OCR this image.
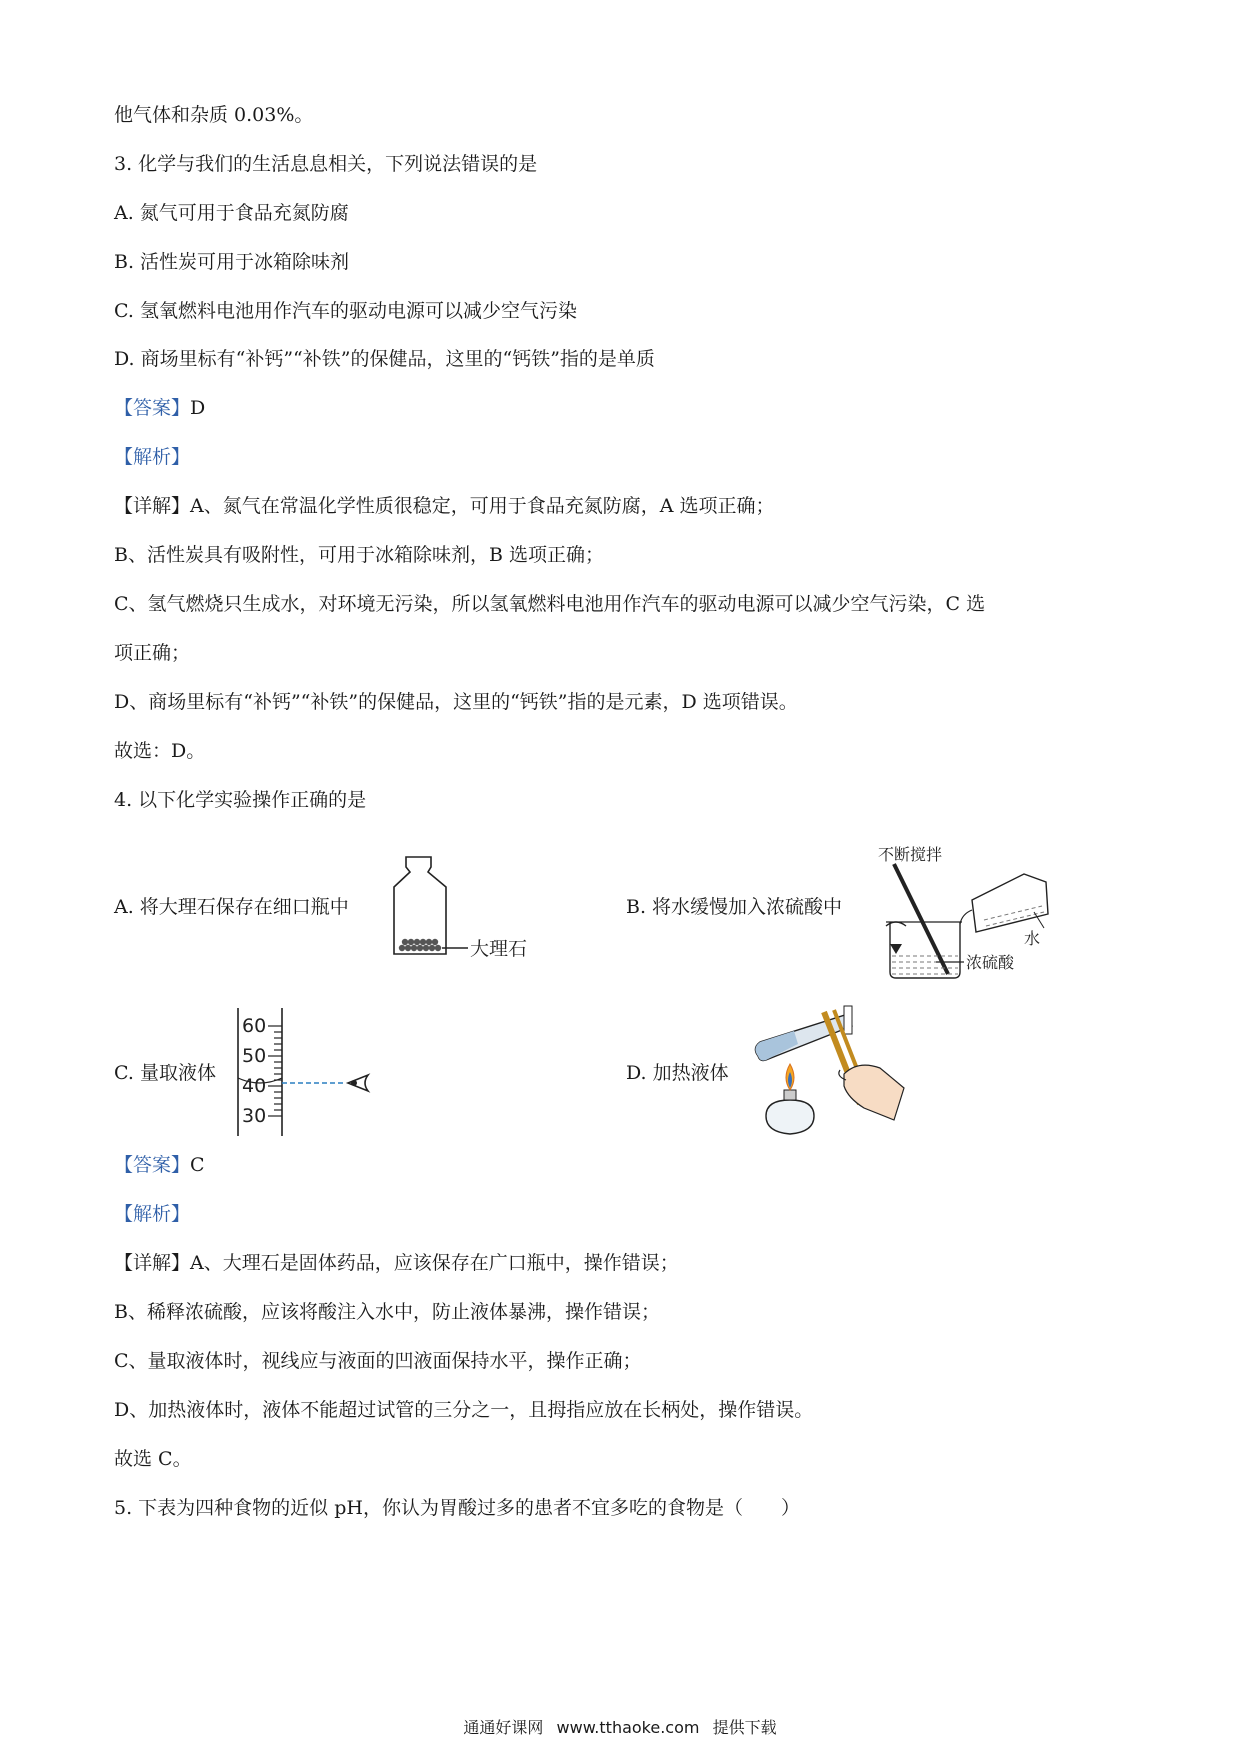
他气体和杂质 0.03%。
3. 化学与我们的生活息息相关，下列说法错误的是
A. 氮气可用于食品充氮防腐
B. 活性炭可用于冰箱除味剂
C. 氢氧燃料电池用作汽车的驱动电源可以减少空气污染
D. 商场里标有“补钙”“补铁”的保健品，这里的“钙铁”指的是单质
【答案】D
【解析】
【详解】A、氮气在常温化学性质很稳定，可用于食品充氮防腐，A 选项正确；
B、活性炭具有吸附性，可用于冰箱除味剂，B 选项正确；
C、氢气燃烧只生成水，对环境无污染，所以氢氧燃料电池用作汽车的驱动电源可以减少空气污染，C 选
项正确；
D、商场里标有“补钙”“补铁”的保健品，这里的“钙铁”指的是元素，D 选项错误。
故选：D。
4. 以下化学实验操作正确的是
A. 将大理石保存在细口瓶中
大理石
B. 将水缓慢加入浓硫酸中
不断搅拌
水
浓硫酸
C. 量取液体
60
50
40
30
D. 加热液体
【答案】C
【解析】
【详解】A、大理石是固体药品，应该保存在广口瓶中，操作错误；
B、稀释浓硫酸，应该将酸注入水中，防止液体暴沸，操作错误；
C、量取液体时，视线应与液面的凹液面保持水平，操作正确；
D、加热液体时，液体不能超过试管的三分之一，且拇指应放在长柄处，操作错误。
故选 C。
5. 下表为四种食物的近似 pH，你认为胃酸过多的患者不宜多吃的食物是（　　）
通通好课网 www.tthaoke.com 提供下载
